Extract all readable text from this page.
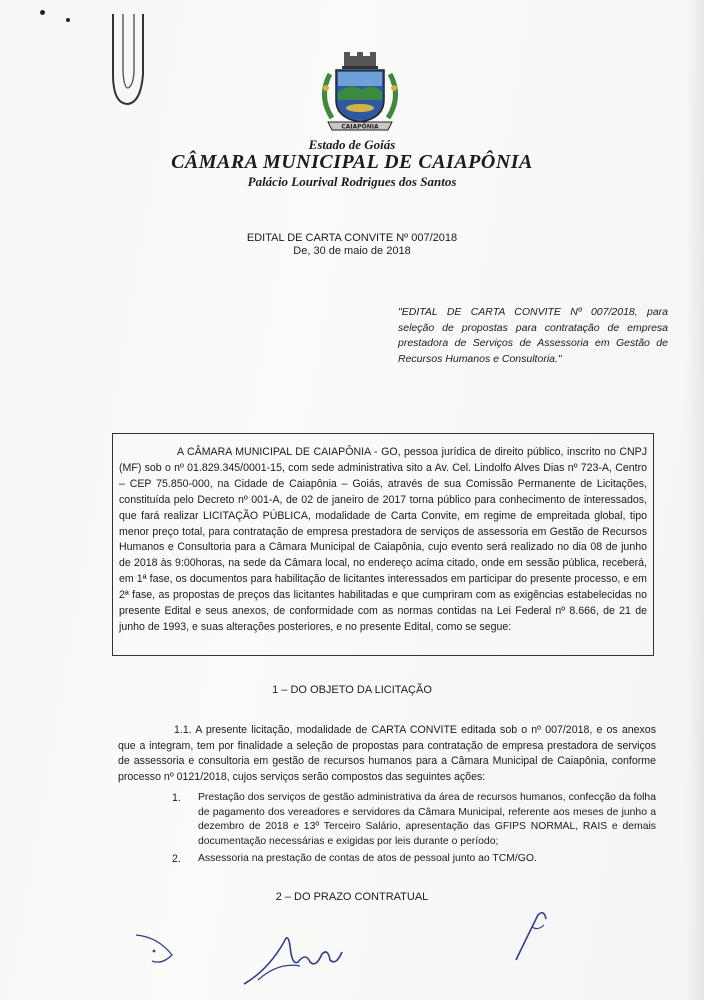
CAIAPÔNIA
Estado de Goiás
CÂMARA MUNICIPAL DE CAIAPÔNIA
Palácio Lourival Rodrigues dos Santos
EDITAL DE CARTA CONVITE Nº 007/2018
De, 30 de maio de 2018
"EDITAL DE CARTA CONVITE Nº 007/2018, para seleção de propostas para contratação de empresa prestadora de Serviços de Assessoria em Gestão de Recursos Humanos e Consultoria."

A CÂMARA MUNICIPAL DE CAIAPÔNIA - GO, pessoa jurídica de direito público, inscrito no CNPJ (MF) sob o nº 01.829.345/0001-15, com sede administrativa sito a Av. Cel. Lindolfo Alves Dias nº 723-A, Centro – CEP 75.850-000, na Cidade de Caiapônia – Goiás, através de sua Comissão Permanente de Licitações, constituída pelo Decreto nº 001-A, de 02 de janeiro de 2017 torna público para conhecimento de interessados, que fará realizar LICITAÇÃO PÚBLICA, modalidade de Carta Convite, em regime de empreitada global, tipo menor preço total, para contratação de empresa prestadora de serviços de assessoria em Gestão de Recursos Humanos e Consultoria para a Câmara Municipal de Caiapônia, cujo evento será realizado no dia 08 de junho de 2018 às 9:00horas, na sede da Câmara local, no endereço acima citado, onde em sessão pública, receberá, em 1ª fase, os documentos para habilitação de licitantes interessados em participar do presente processo, e em 2ª fase, as propostas de preços das licitantes habilitadas e que cumpriram com as exigências estabelecidas no presente Edital e seus anexos, de conformidade com as normas contidas na Lei Federal nº 8.666, de 21 de junho de 1993, e suas alterações posteriores, e no presente Edital, como se segue:

1 – DO OBJETO DA LICITAÇÃO

1.1. A presente licitação, modalidade de CARTA CONVITE editada sob o nº 007/2018, e os anexos que a integram, tem por finalidade a seleção de propostas para contratação de empresa prestadora de serviços de assessoria e consultoria em gestão de recursos humanos para a Câmara Municipal de Caiapônia, conforme processo nº 0121/2018, cujos serviços serão compostos das seguintes ações:

1. Prestação dos serviços de gestão administrativa da área de recursos humanos, confecção da folha de pagamento dos vereadores e servidores da Câmara Municipal, referente aos meses de junho a dezembro de 2018 e 13º Terceiro Salário, apresentação das GFIPS NORMAL, RAIS e demais documentação necessárias e exigidas por leis durante o período;

2. Assessoria na prestação de contas de atos de pessoal junto ao TCM/GO.

2 – DO PRAZO CONTRATUAL
